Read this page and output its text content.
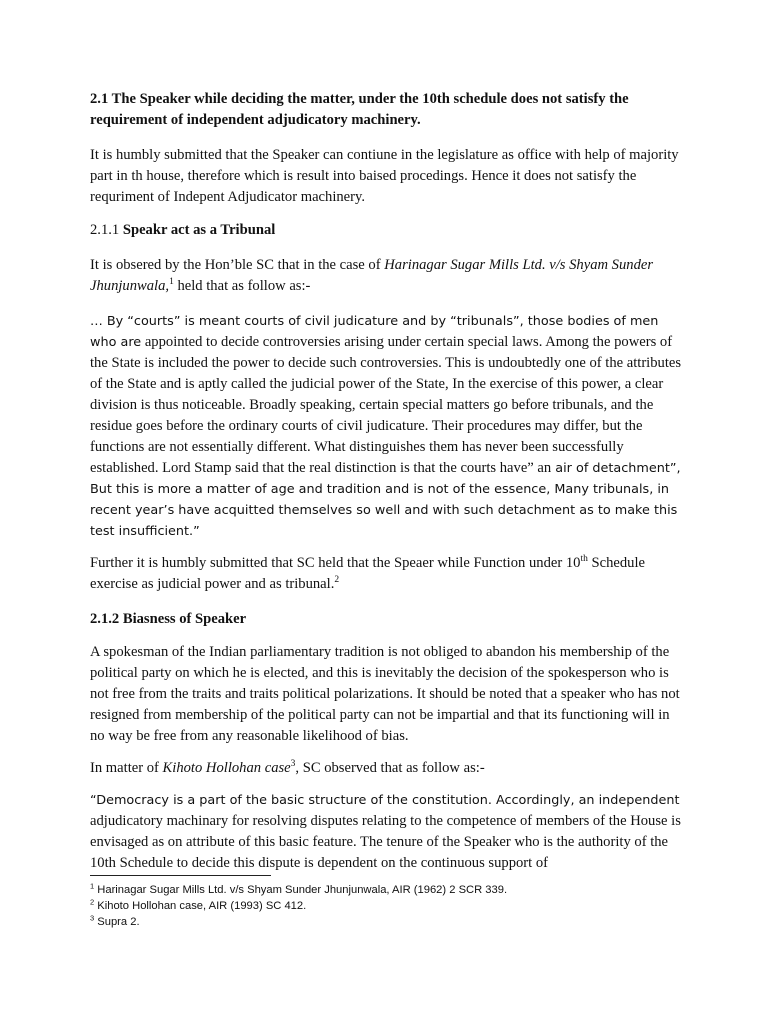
2.1 The Speaker while deciding the matter, under the 10th schedule does not satisfy the requirement of independent adjudicatory machinery.

It is humbly submitted that the Speaker can contiune in the legislature as office with help of majority part in th house, therefore which is result into baised procedings. Hence it does not satisfy the requriment of Indepent Adjudicator machinery.

2.1.1 Speakr act as a Tribunal

It is obsered by the Hon’ble SC that in the case of Harinagar Sugar Mills Ltd. v/s Shyam Sunder Jhunjunwala,$^1$ held that as follow as:-

… By “courts” is meant courts of civil judicature and by “tribunals”, those bodies of men who are appointed to decide controversies arising under certain special laws. Among the powers of the State is included the power to decide such controversies. This is undoubtedly one of the attributes of the State and is aptly called the judicial power of the State, In the exercise of this power, a clear division is thus noticeable. Broadly speaking, certain special matters go before tribunals, and the residue goes before the ordinary courts of civil judicature. Their procedures may differ, but the functions are not essentially different. What distinguishes them has never been successfully established. Lord Stamp said that the real distinction is that the courts have” an air of detachment”, But this is more a matter of age and tradition and is not of the essence, Many tribunals, in recent year’s have acquitted themselves so well and with such detachment as to make this test insufficient.”

Further it is humbly submitted that SC held that the Speaer while Function under 10th Schedule exercise as judicial power and as tribunal.$^2$

2.1.2 Biasness of Speaker

A spokesman of the Indian parliamentary tradition is not obliged to abandon his membership of the political party on which he is elected, and this is inevitably the decision of the spokesperson who is not free from the traits and traits political polarizations. It should be noted that a speaker who has not resigned from membership of the political party can not be impartial and that its functioning will in no way be free from any reasonable likelihood of bias.

In matter of Kihoto Hollohan case$^3$, SC observed that as follow as:-

“Democracy is a part of the basic structure of the constitution. Accordingly, an independent adjudicatory machinary for resolving disputes relating to the competence of members of the House is envisaged as on attribute of this basic feature. The tenure of the Speaker who is the authority of the 10th Schedule to decide this dispute is dependent on the continuous support of

$^1$ Harinagar Sugar Mills Ltd. v/s Shyam Sunder Jhunjunwala, AIR (1962) 2 SCR 339.
$^2$ Kihoto Hollohan case, AIR (1993) SC 412.
$^3$ Supra 2.
